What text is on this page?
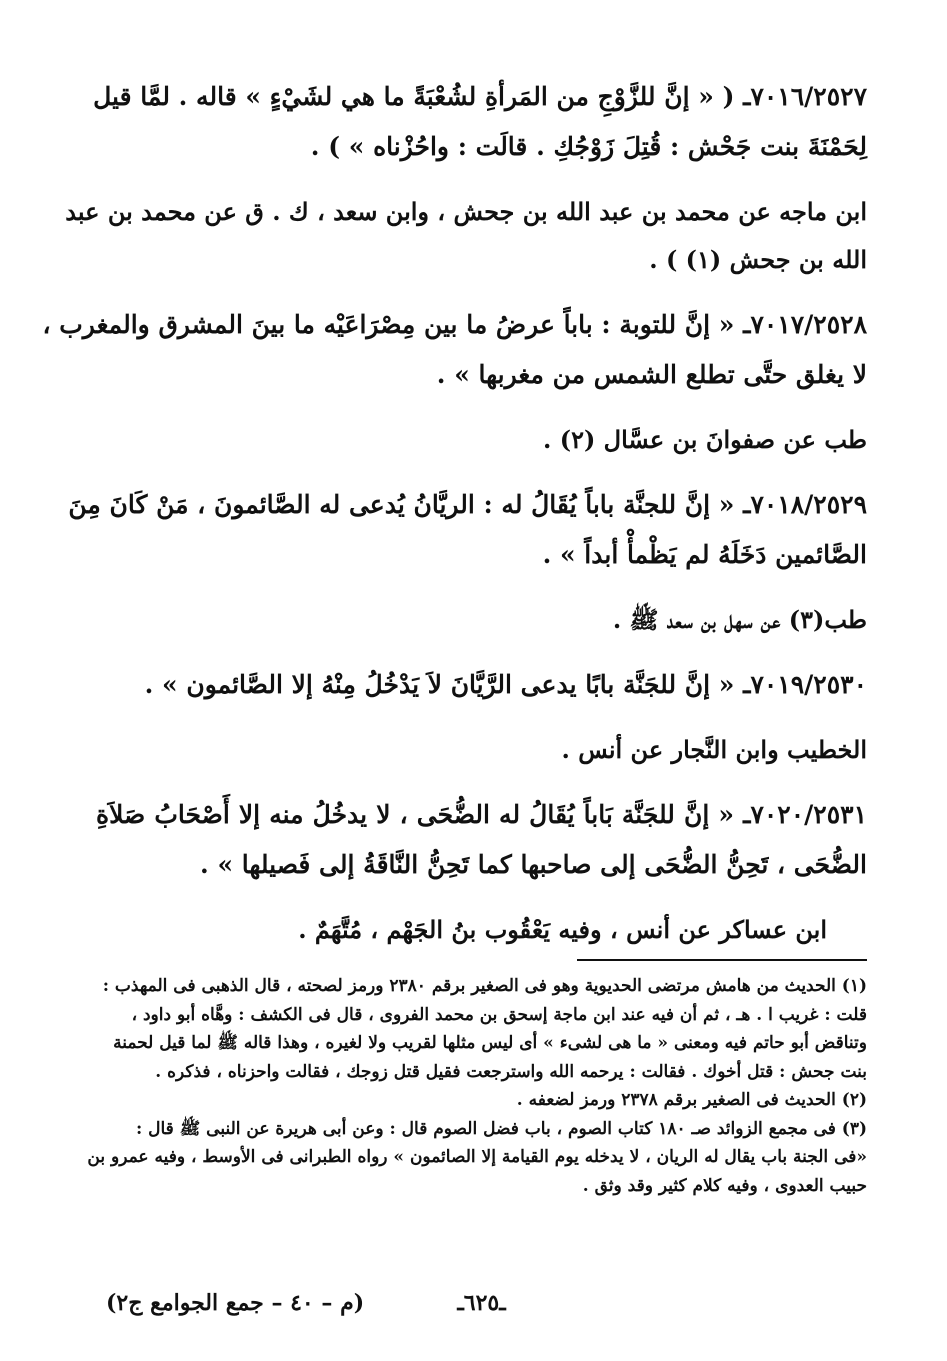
٧٠١٦/٢٥٢٧ـ ( « إنَّ للزَّوْجِ من المَرأةِ لشُعْبَةً ما هي لشَيْءٍ » قاله . لمَّا قيل
لِحَمْنَةَ بنت جَحْش : قُتِلَ زَوْجُكِ . قالَت : واحُزْناه » ) .
ابن ماجه عن محمد بن عبد الله بن جحش ، وابن سعد ، ك . ق عن محمد بن عبد
الله بن جحش (١) ) .
٧٠١٧/٢٥٢٨ـ « إنَّ للتوبة : باباً عرضُ ما بين مِصْرَاعَيْه ما بينَ المشرق والمغرب ،
لا يغلق حتَّى تطلع الشمس من مغربها » .
طب عن صفوانَ بن عسَّال (٢) .
٧٠١٨/٢٥٢٩ـ « إنَّ للجنَّة باباً يُقَالُ له : الريَّانُ يُدعى له الصَّائمونَ ، مَنْ كَانَ مِنَ
الصَّائمين دَخَلَهُ لم يَظْمأْ أبداً » .
طب(٣) عن سهل بن سعد ﷺ .
٧٠١٩/٢٥٣٠ـ « إنَّ للجَنَّة بابًا يدعى الرَّيَّانَ لاَ يَدْخُلُ مِنْهُ إلا الصَّائمون » .
الخطيب وابن النَّجار عن أنس .
٧٠٢٠/٢٥٣١ـ « إنَّ للجَنَّة بَاباً يُقَالُ له الضُّحَى ، لا يدخُلُ منه إلا أَصْحَابُ صَلاَةِ
الضُّحَى ، تَحِنُّ الضُّحَى إلى صاحبها كما تَحِنُّ النَّاقَةُ إلى فَصيلها » .
ابن عساكر عن أنس ، وفيه يَعْقُوب بنُ الجَهْم ، مُتَّهَمٌ .
(١) الحديث من هامش مرتضى الحديوية وهو فى الصغير برقم ٢٣٨٠ ورمز لصحته ، قال الذهبى فى المهذب :
قلت : غريب ا . هـ ، ثم أن فيه عند ابن ماجة إسحق بن محمد الفروى ، قال فى الكشف : وهَّاه أبو داود ،
وتناقض أبو حاتم فيه ومعنى « ما هى لشىء » أى ليس مثلها لقريب ولا لغيره ، وهذا قاله ﷺ لما قيل لحمنة
بنت جحش : قتل أخوك . فقالت : يرحمه الله واسترجعت فقيل قتل زوجك ، فقالت واحزناه ، فذكره .
(٢) الحديث فى الصغير برقم ٢٣٧٨ ورمز لضعفه .
(٣) فى مجمع الزوائد صـ ١٨٠ كتاب الصوم ، باب فضل الصوم قال : وعن أبى هريرة عن النبى ﷺ قال :
«فى الجنة باب يقال له الريان ، لا يدخله يوم القيامة إلا الصائمون » رواه الطبرانى فى الأوسط ، وفيه عمرو بن
حبيب العدوى ، وفيه كلام كثير وقد وثق .
ـ٦٢٥ـ
(م – ٤٠ – جمع الجوامع ج٢)
